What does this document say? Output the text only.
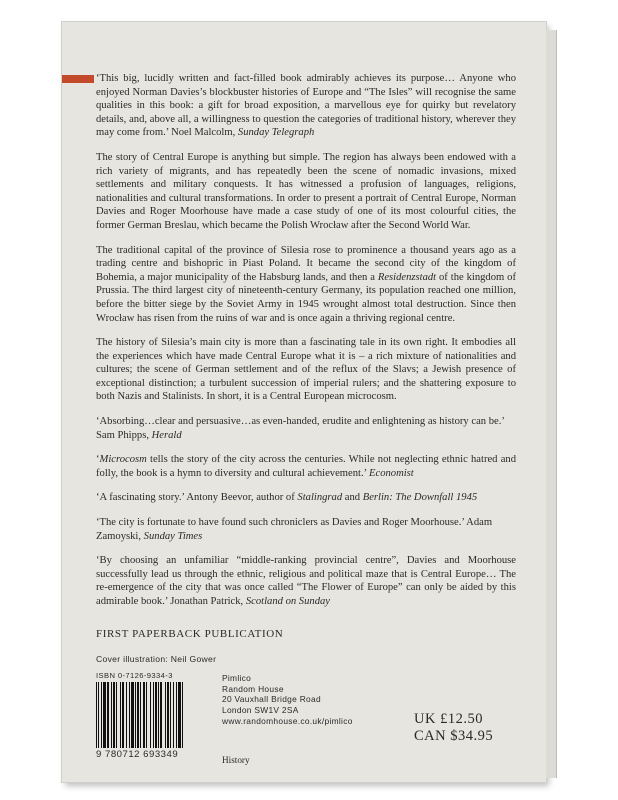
‘This big, lucidly written and fact-filled book admirably achieves its purpose… Anyone who enjoyed Norman Davies’s blockbuster histories of Europe and “The Isles” will recognise the same qualities in this book: a gift for broad exposition, a marvellous eye for quirky but revelatory details, and, above all, a willingness to question the categories of traditional history, wherever they may come from.’ Noel Malcolm, Sunday Telegraph

The story of Central Europe is anything but simple. The region has always been endowed with a rich variety of migrants, and has repeatedly been the scene of nomadic invasions, mixed settlements and military conquests. It has witnessed a profusion of languages, religions, nationalities and cultural transformations. In order to present a portrait of Central Europe, Norman Davies and Roger Moorhouse have made a case study of one of its most colourful cities, the former German Breslau, which became the Polish Wrocław after the Second World War.

The traditional capital of the province of Silesia rose to prominence a thousand years ago as a trading centre and bishopric in Piast Poland. It became the second city of the kingdom of Bohemia, a major municipality of the Habsburg lands, and then a Residenzstadt of the kingdom of Prussia. The third largest city of nineteenth-century Germany, its population reached one million, before the bitter siege by the Soviet Army in 1945 wrought almost total destruction. Since then Wrocław has risen from the ruins of war and is once again a thriving regional centre.

The history of Silesia’s main city is more than a fascinating tale in its own right. It embodies all the experiences which have made Central Europe what it is – a rich mixture of nationalities and cultures; the scene of German settlement and of the reflux of the Slavs; a Jewish presence of exceptional distinction; a turbulent succession of imperial rulers; and the shattering exposure to both Nazis and Stalinists. In short, it is a Central European microcosm.

‘Absorbing…clear and persuasive…as even-handed, erudite and enlightening as history can be.’ Sam Phipps, Herald

‘Microcosm tells the story of the city across the centuries. While not neglecting ethnic hatred and folly, the book is a hymn to diversity and cultural achievement.’ Economist

‘A fascinating story.’ Antony Beevor, author of Stalingrad and Berlin: The Downfall 1945

‘The city is fortunate to have found such chroniclers as Davies and Roger Moorhouse.’ Adam Zamoyski, Sunday Times

‘By choosing an unfamiliar “middle-ranking provincial centre”, Davies and Moorhouse successfully lead us through the ethnic, religious and political maze that is Central Europe… The re-emergence of the city that was once called “The Flower of Europe” can only be aided by this admirable book.’ Jonathan Patrick, Scotland on Sunday

FIRST PAPERBACK PUBLICATION
Cover illustration: Neil Gower
ISBN 0-7126-9334-3
9 780712 693349
Pimlico
Random House
20 Vauxhall Bridge Road
London SW1V 2SA
www.randomhouse.co.uk/pimlico
History
UK £12.50
CAN $34.95
